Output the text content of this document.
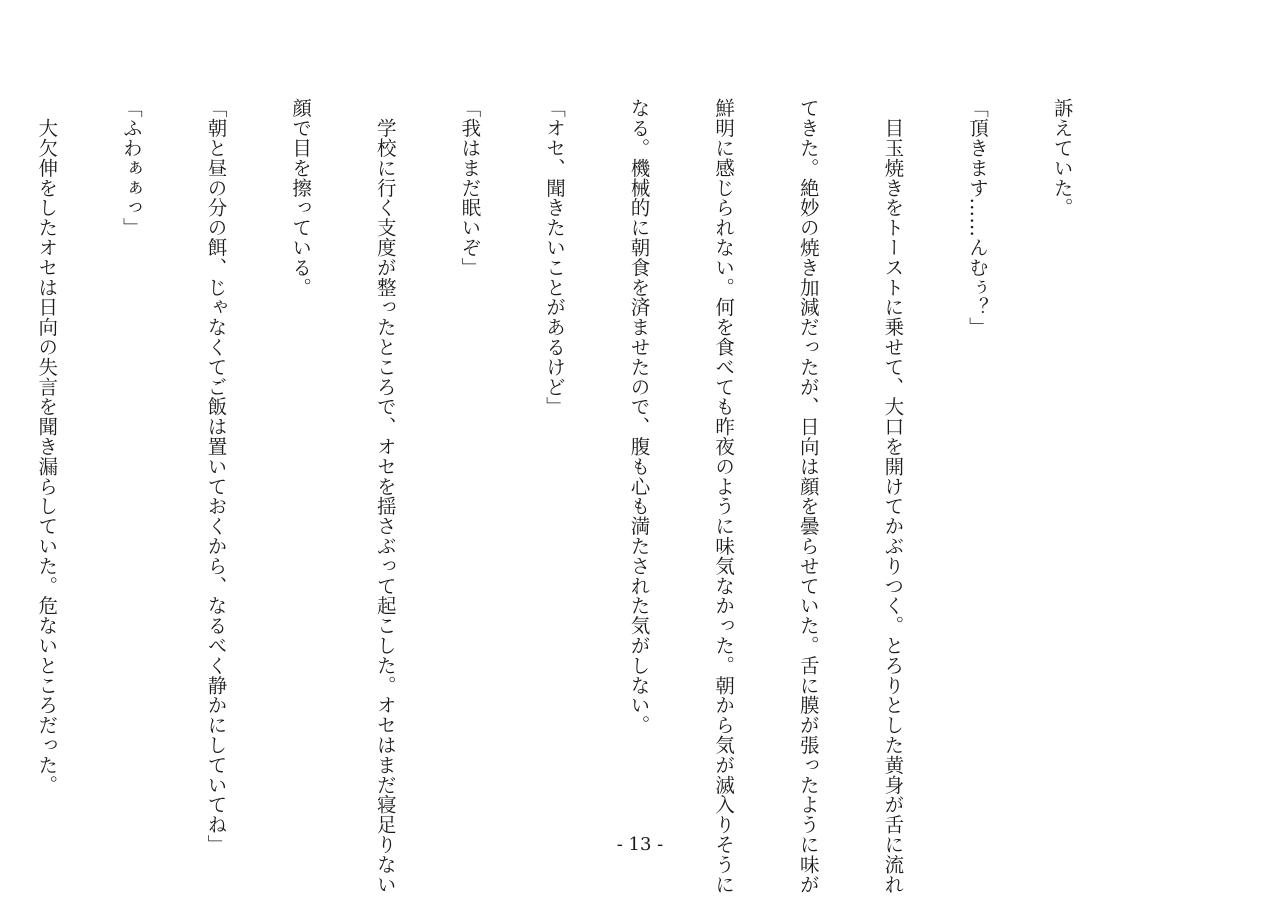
訴えていた。

「頂きます……んむぅ？」

　目玉焼きをトーストに乗せて、大口を開けてかぶりつく。とろりとした黄身が舌に流れ

てきた。絶妙の焼き加減だったが、日向は顔を曇らせていた。舌に膜が張ったように味が

鮮明に感じられない。何を食べても昨夜のように味気なかった。朝から気が滅入りそうに

なる。機械的に朝食を済ませたので、腹も心も満たされた気がしない。

「オセ、聞きたいことがあるけど」

「我はまだ眠いぞ」

　学校に行く支度が整ったところで、オセを揺さぶって起こした。オセはまだ寝足りない

顔で目を擦っている。

「朝と昼の分の餌、じゃなくてご飯は置いておくから、なるべく静かにしていてね」

「ふわぁぁっ」

　大欠伸をしたオセは日向の失言を聞き漏らしていた。危ないところだった。

- 13 -
